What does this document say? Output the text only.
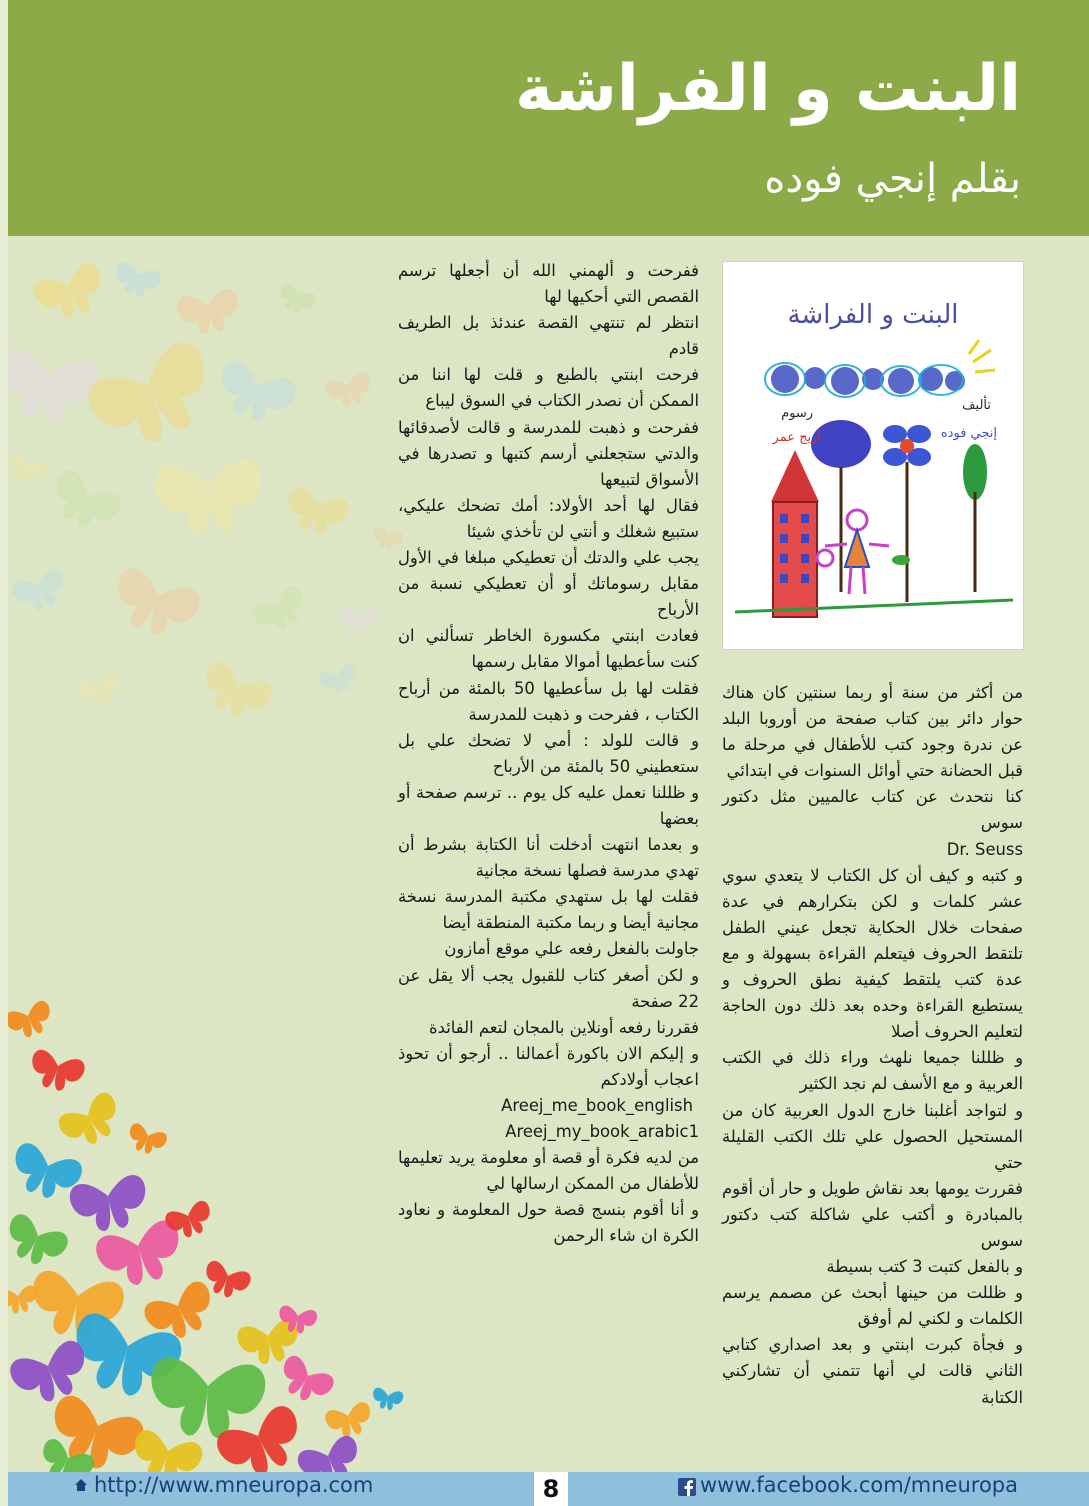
البنت و الفراشة
بقلم إنجي فوده
البنت و الفراشة
تأليف
إنجي فوده
رسوم
أريج عمر

ففرحت و ألهمني الله أن أجعلها ترسم القصص التي أحكيها لها

انتظر لم تنتهي القصة عندئذ بل الطريف قادم

فرحت ابنتي بالطبع و قلت لها اننا من الممكن أن نصدر الكتاب في السوق ليباع

ففرحت و ذهبت للمدرسة و قالت لأصدقائها والدتي ستجعلني أرسم كتبها و تصدرها في الأسواق لتبيعها

فقال لها أحد الأولاد: أمك تضحك عليكي، ستبيع شغلك و أنتي لن تأخذي شيئا

يجب علي والدتك أن تعطيكي مبلغا في الأول مقابل رسوماتك أو أن تعطيكي نسبة من الأرباح

فعادت ابنتي مكسورة الخاطر تسألني ان كنت سأعطيها أموالا مقابل رسمها

فقلت لها بل سأعطيها 50 بالمئة من أرباح الكتاب ، ففرحت و ذهبت للمدرسة

و قالت للولد : أمي لا تضحك علي بل ستعطيني 50 بالمئة من الأرباح

و ظللنا نعمل عليه كل يوم .. ترسم صفحة أو بعضها

و بعدما انتهت أدخلت أنا الكتابة بشرط أن تهدي مدرسة فصلها نسخة مجانية

فقلت لها بل ستهدي مكتبة المدرسة نسخة مجانية أيضا و ربما مكتبة المنطقة أيضا

جاولت بالفعل رفعه علي موقع أمازون

و لكن أصغر كتاب للقبول يجب ألا يقل عن 22 صفحة

فقررنا رفعه أونلاين بالمجان لتعم الفائدة

و إليكم الان باكورة أعمالنا .. أرجو أن تحوذ اعجاب أولادكم

Areej_me_book_english

Areej_my_book_arabic1

من لديه فكرة أو قصة أو معلومة يريد تعليمها للأطفال من الممكن ارسالها لي

و أنا أقوم بنسج قصة حول المعلومة و نعاود الكرة ان شاء الرحمن

من أكثر من سنة أو ربما سنتين كان هناك حوار دائر بين كتاب صفحة من أوروبا البلد عن ندرة وجود كتب للأطفال في مرحلة ما قبل الحضانة حتي أوائل السنوات في ابتدائي

كنا نتحدث عن كتاب عالميين مثل دكتور سوس

Dr. Seuss

و كتبه و كيف أن كل الكتاب لا يتعدي سوي عشر كلمات و لكن بتكرارهم في عدة صفحات خلال الحكاية تجعل عيني الطفل تلتقط الحروف فيتعلم القراءة بسهولة و مع عدة كتب يلتقط كيفية نطق الحروف و يستطيع القراءة وحده بعد ذلك دون الحاجة لتعليم الحروف أصلا

و ظللنا جميعا نلهث وراء ذلك في الكتب العربية و مع الأسف لم نجد الكثير

و لتواجد أغلبنا خارج الدول العربية كان من المستحيل الحصول علي تلك الكتب القليلة حتي

فقررت يومها بعد نقاش طويل و حار أن أقوم بالمبادرة و أكتب علي شاكلة كتب دكتور سوس

و بالفعل كتبت 3 كتب بسيطة

و ظللت من حينها أبحث عن مصمم يرسم الكلمات و لكني لم أوفق

و فجأة كبرت ابنتي و بعد اصداري كتابي الثاني قالت لي أنها تتمني أن تشاركني الكتابة

http://www.mneuropa.com	8	www.facebook.com/mneuropa
